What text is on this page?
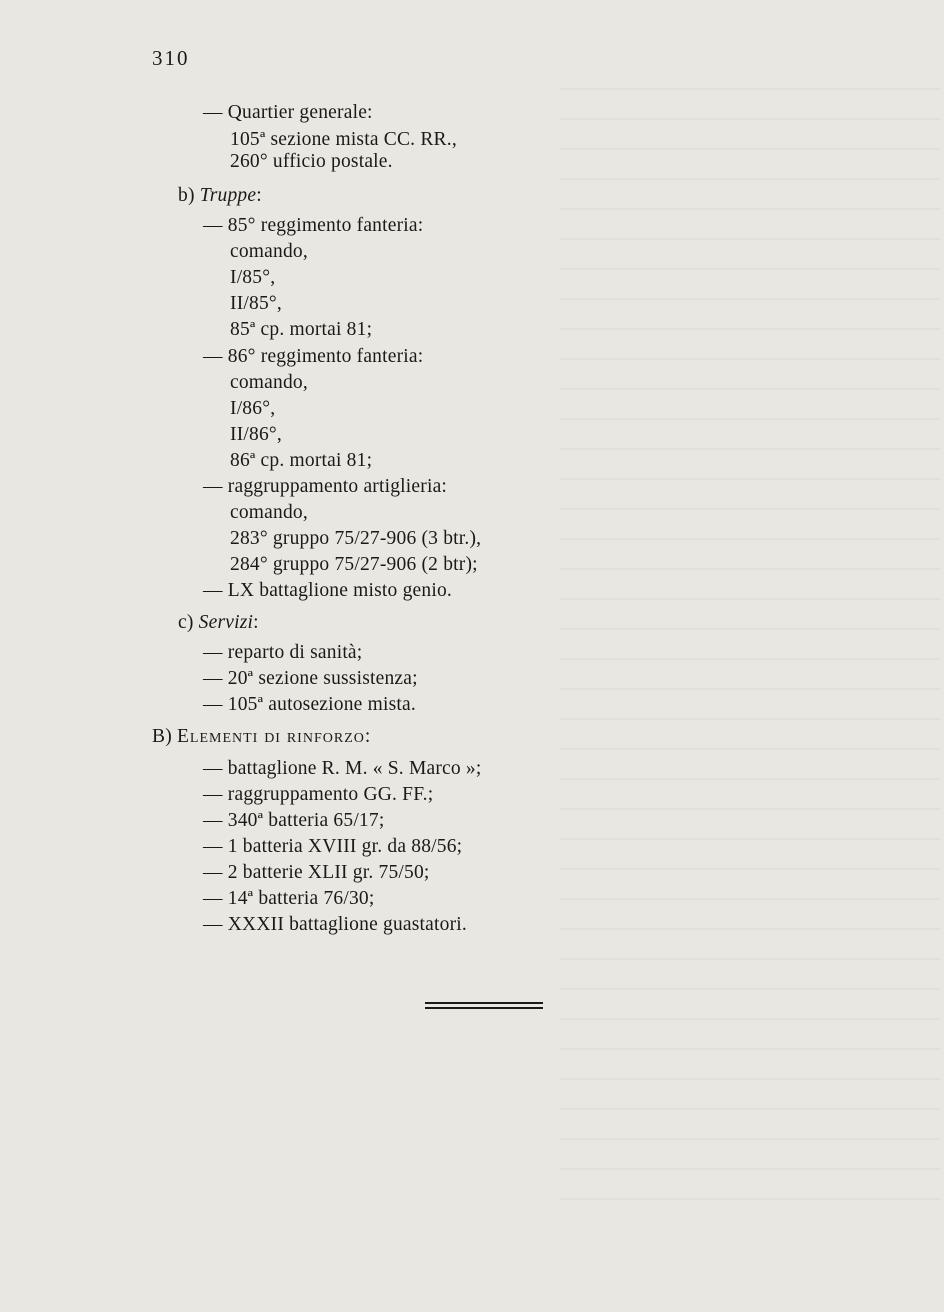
310
— Quartier generale:
105ª sezione mista CC. RR.,
260° ufficio postale.
b) Truppe:
— 85° reggimento fanteria:
comando,
I/85°,
II/85°,
85ª cp. mortai 81;
— 86° reggimento fanteria:
comando,
I/86°,
II/86°,
86ª cp. mortai 81;
— raggruppamento artiglieria:
comando,
283° gruppo 75/27-906 (3 btr.),
284° gruppo 75/27-906 (2 btr);
— LX battaglione misto genio.
c) Servizi:
— reparto di sanità;
— 20ª sezione sussistenza;
— 105ª autosezione mista.
B) Elementi di rinforzo:
— battaglione R. M. « S. Marco »;
— raggruppamento GG. FF.;
— 340ª batteria 65/17;
— 1 batteria XVIII gr. da 88/56;
— 2 batterie XLII gr. 75/50;
— 14ª batteria 76/30;
— XXXII battaglione guastatori.
